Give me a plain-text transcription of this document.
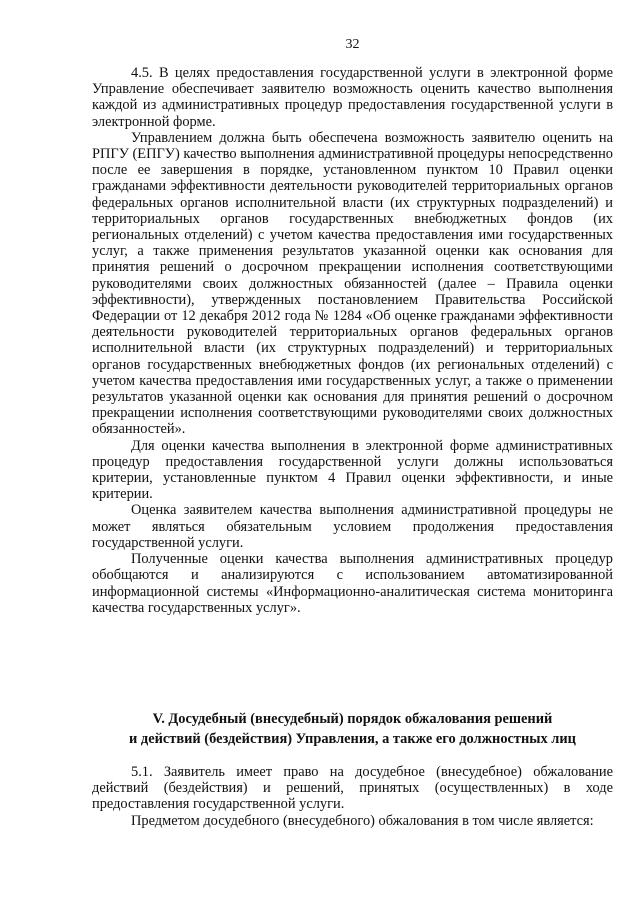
32

4.5. В целях предоставления государственной услуги в электронной форме Управление обеспечивает заявителю возможность оценить качество выполнения каждой из административных процедур предоставления государственной услуги в электронной форме.

Управлением должна быть обеспечена возможность заявителю оценить на РПГУ (ЕПГУ) качество выполнения административной процедуры непосредственно после ее завершения в порядке, установленном пунктом 10 Правил оценки гражданами эффективности деятельности руководителей территориальных органов федеральных органов исполнительной власти (их структурных подразделений) и территориальных органов государственных внебюджетных фондов (их региональных отделений) с учетом качества предоставления ими государственных услуг, а также применения результатов указанной оценки как основания для принятия решений о досрочном прекращении исполнения соответствующими руководителями своих должностных обязанностей (далее – Правила оценки эффективности), утвержденных постановлением Правительства Российской Федерации от 12 декабря 2012 года № 1284 «Об оценке гражданами эффективности деятельности руководителей территориальных органов федеральных органов исполнительной власти (их структурных подразделений) и территориальных органов государственных внебюджетных фондов (их региональных отделений) с учетом качества предоставления ими государственных услуг, а также о применении результатов указанной оценки как основания для принятия решений о досрочном прекращении исполнения соответствующими руководителями своих должностных обязанностей».

Для оценки качества выполнения в электронной форме административных процедур предоставления государственной услуги должны использоваться критерии, установленные пунктом 4 Правил оценки эффективности, и иные критерии.

Оценка заявителем качества выполнения административной процедуры не может являться обязательным условием продолжения предоставления государственной услуги.

Полученные оценки качества выполнения административных процедур обобщаются и анализируются с использованием автоматизированной информационной системы «Информационно-аналитическая система мониторинга качества государственных услуг».

V. Досудебный (внесудебный) порядок обжалования решений
и действий (бездействия) Управления, а также его должностных лиц

5.1. Заявитель имеет право на досудебное (внесудебное) обжалование действий (бездействия) и решений, принятых (осуществленных) в ходе предоставления государственной услуги.

Предметом досудебного (внесудебного) обжалования в том числе является:
